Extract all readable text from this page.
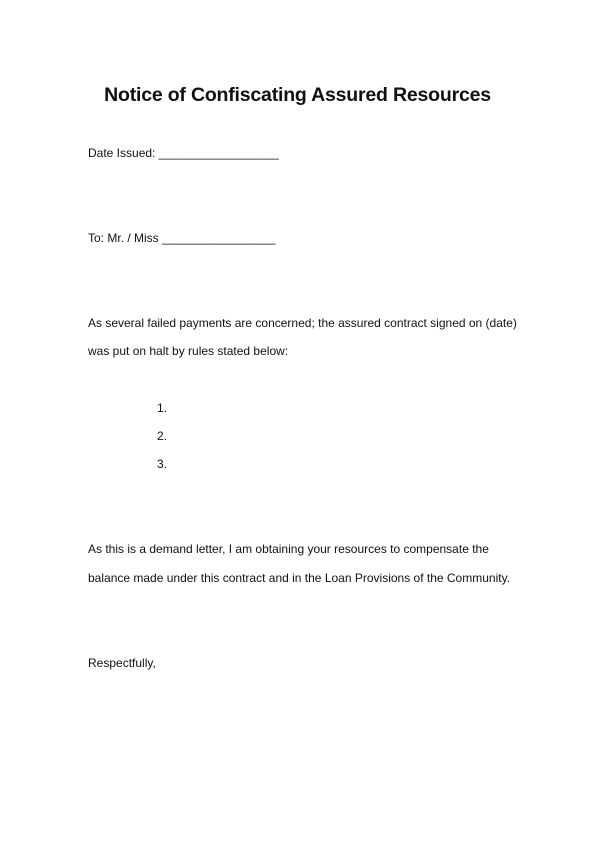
Notice of Confiscating Assured Resources
Date Issued: __________________
To: Mr. / Miss _________________
As several failed payments are concerned; the assured contract signed on (date)
was put on halt by rules stated below:
1.
2.
3.
As this is a demand letter, I am obtaining your resources to compensate the
balance made under this contract and in the Loan Provisions of the Community.
Respectfully,
